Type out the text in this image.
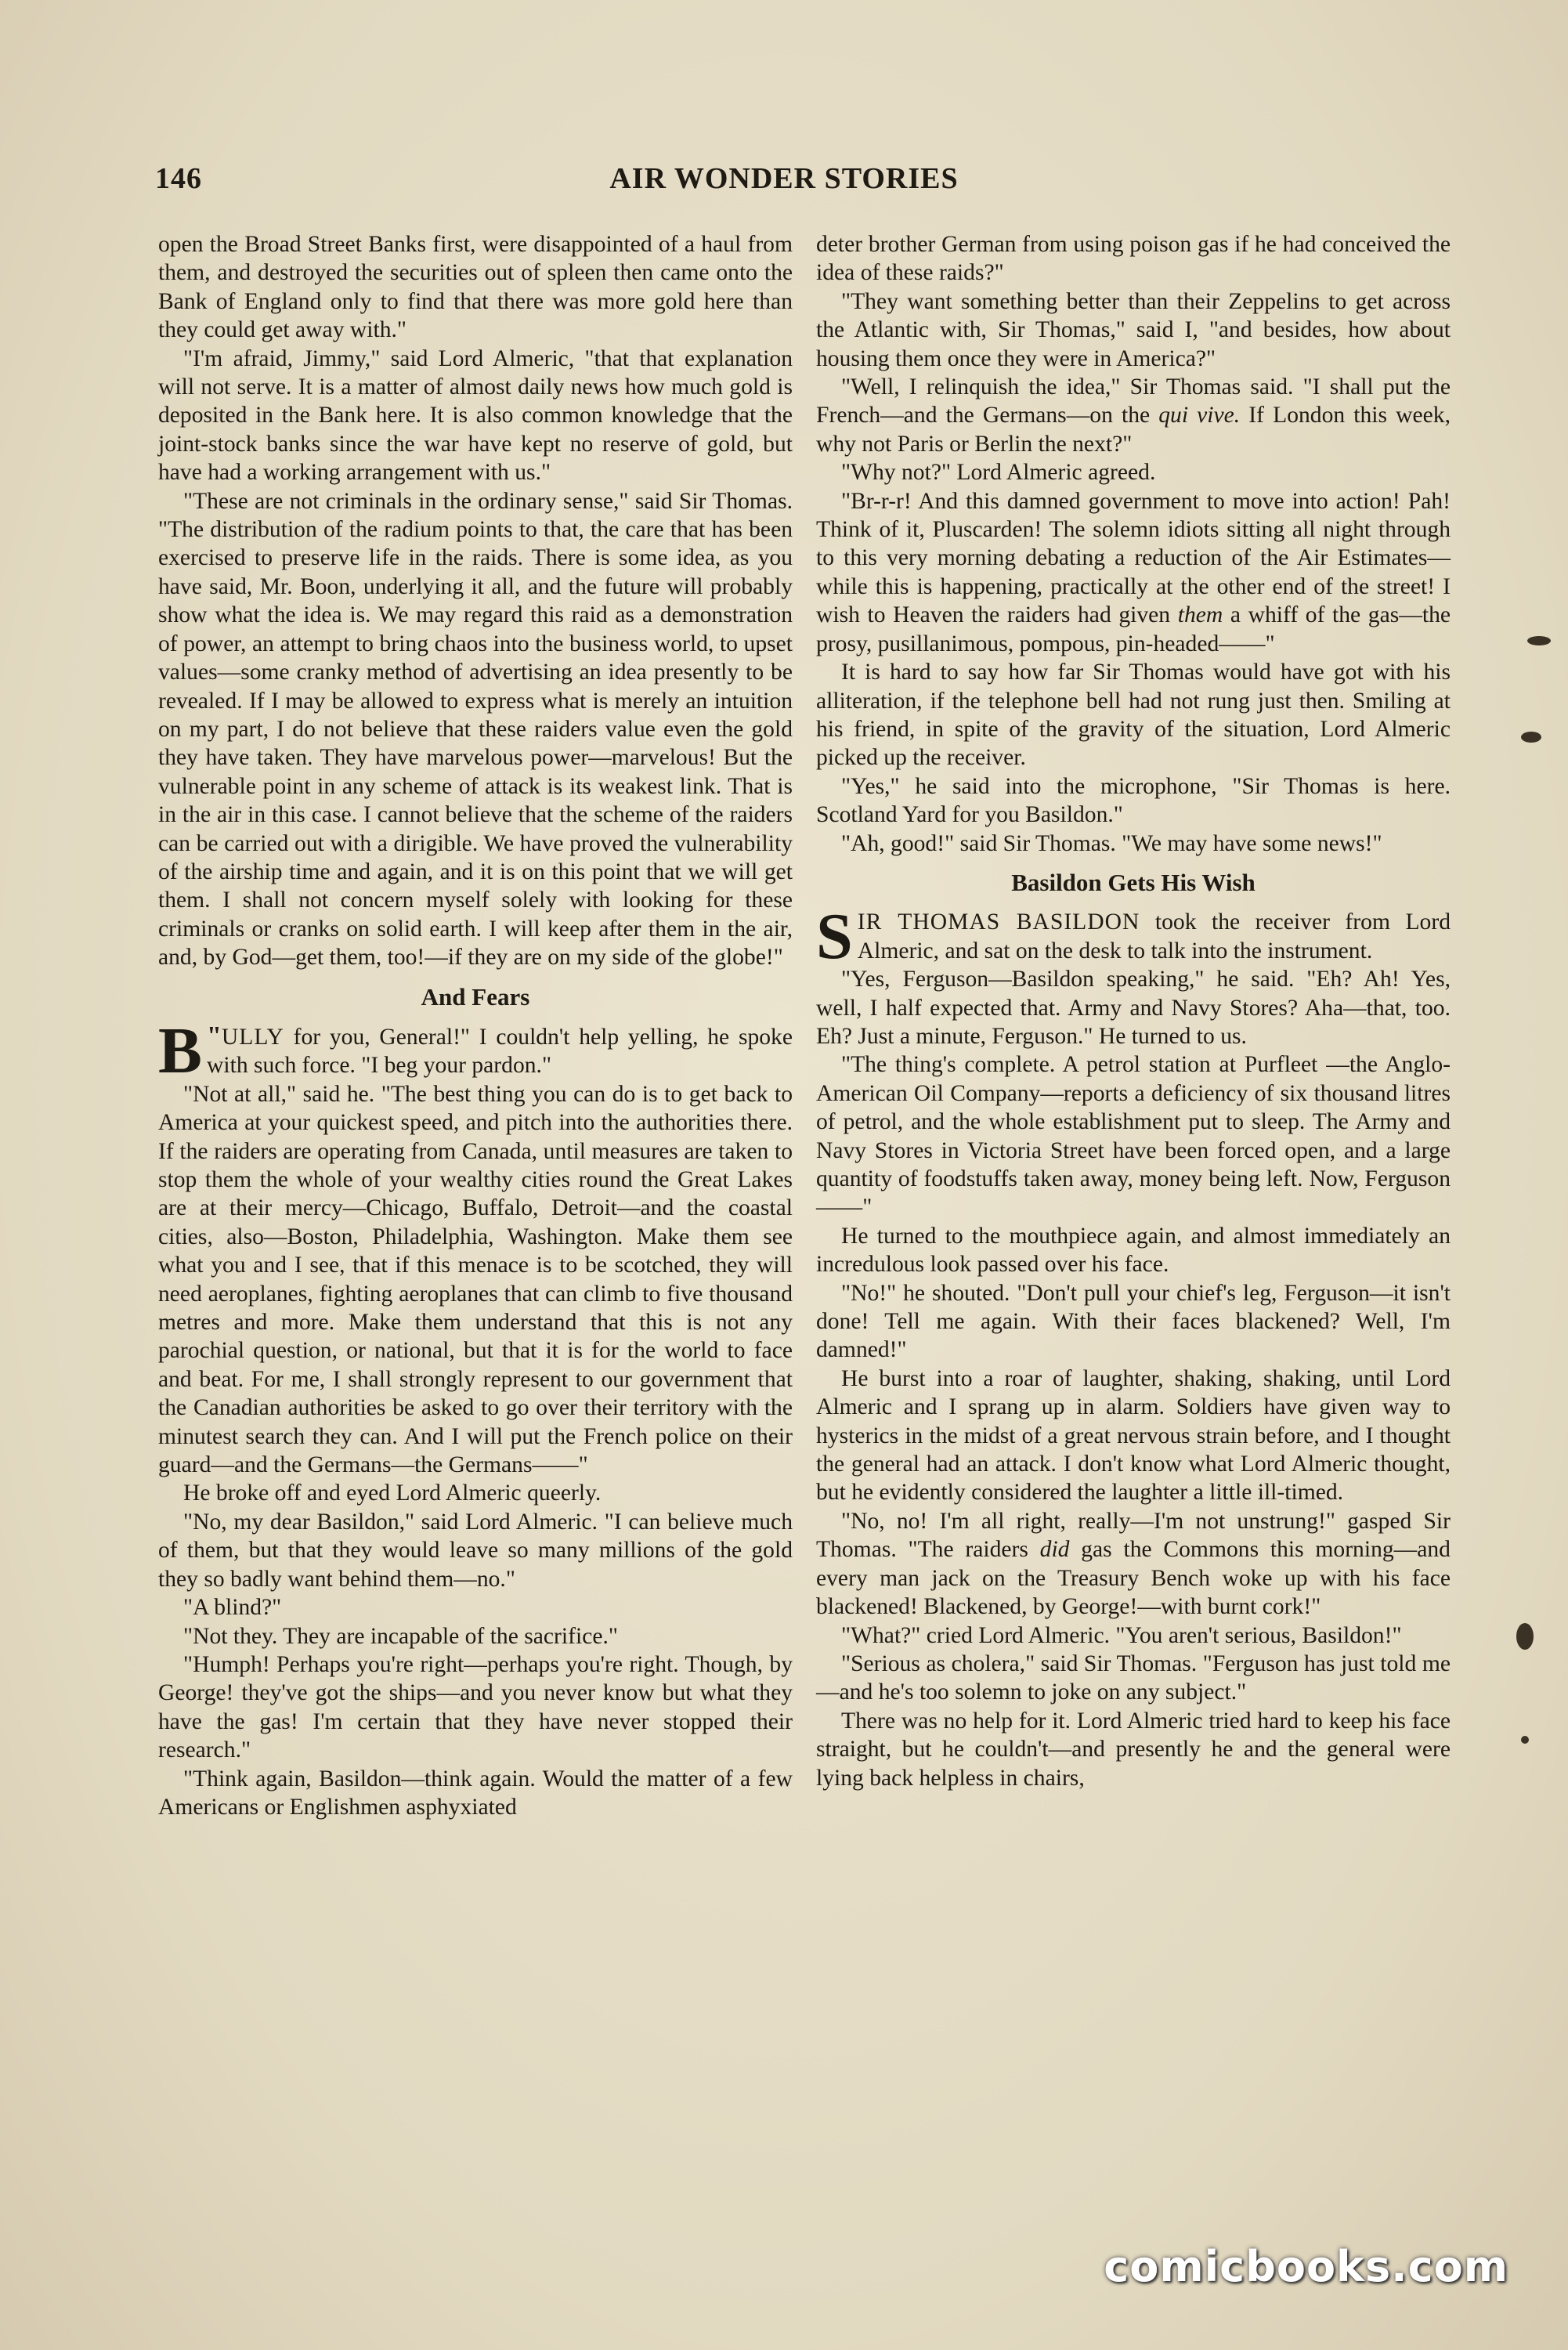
146	AIR WONDER STORIES

open the Broad Street Banks first, were disappointed of a haul from them, and destroyed the securities out of spleen then came onto the Bank of England only to find that there was more gold here than they could get away with."

"I'm afraid, Jimmy," said Lord Almeric, "that that explanation will not serve. It is a matter of almost daily news how much gold is deposited in the Bank here. It is also common knowledge that the joint-stock banks since the war have kept no reserve of gold, but have had a working arrangement with us."

"These are not criminals in the ordinary sense," said Sir Thomas. "The distribution of the radium points to that, the care that has been exercised to preserve life in the raids. There is some idea, as you have said, Mr. Boon, underlying it all, and the future will probably show what the idea is. We may regard this raid as a demonstration of power, an attempt to bring chaos into the business world, to upset values—some cranky method of advertising an idea presently to be revealed. If I may be allowed to express what is merely an intuition on my part, I do not believe that these raiders value even the gold they have taken. They have marvelous power—marvelous! But the vulnerable point in any scheme of attack is its weakest link. That is in the air in this case. I cannot believe that the scheme of the raiders can be carried out with a dirigible. We have proved the vulnerability of the airship time and again, and it is on this point that we will get them. I shall not concern myself solely with looking for these criminals or cranks on solid earth. I will keep after them in the air, and, by God—get them, too!—if they are on my side of the globe!"

And Fears

"
B ULLY for you, General!" I couldn't help yelling, he spoke with such force. "I beg your pardon."

"Not at all," said he. "The best thing you can do is to get back to America at your quickest speed, and pitch into the authorities there. If the raiders are operating from Canada, until measures are taken to stop them the whole of your wealthy cities round the Great Lakes are at their mercy—Chicago, Buffalo, Detroit—and the coastal cities, also—Boston, Philadelphia, Washington. Make them see what you and I see, that if this menace is to be scotched, they will need aeroplanes, fighting aeroplanes that can climb to five thousand metres and more. Make them understand that this is not any parochial question, or national, but that it is for the world to face and beat. For me, I shall strongly represent to our government that the Canadian authorities be asked to go over their territory with the minutest search they can. And I will put the French police on their guard—and the Germans—the Germans——"

He broke off and eyed Lord Almeric queerly.

"No, my dear Basildon," said Lord Almeric. "I can believe much of them, but that they would leave so many millions of the gold they so badly want behind them—no."

"A blind?"

"Not they. They are incapable of the sacrifice."

"Humph! Perhaps you're right—perhaps you're right. Though, by George! they've got the ships—and you never know but what they have the gas! I'm certain that they have never stopped their research."

"Think again, Basildon—think again. Would the matter of a few Americans or Englishmen asphyxiated

deter brother German from using poison gas if he had conceived the idea of these raids?"

"They want something better than their Zeppelins to get across the Atlantic with, Sir Thomas," said I, "and besides, how about housing them once they were in America?"

"Well, I relinquish the idea," Sir Thomas said. "I shall put the French—and the Germans—on the qui vive. If London this week, why not Paris or Berlin the next?"

"Why not?" Lord Almeric agreed.

"Br-r-r! And this damned government to move into action! Pah! Think of it, Pluscarden! The solemn idiots sitting all night through to this very morning debating a reduction of the Air Estimates—while this is happening, practically at the other end of the street! I wish to Heaven the raiders had given them a whiff of the gas—the prosy, pusillanimous, pompous, pin-headed——"

It is hard to say how far Sir Thomas would have got with his alliteration, if the telephone bell had not rung just then. Smiling at his friend, in spite of the gravity of the situation, Lord Almeric picked up the receiver.

"Yes," he said into the microphone, "Sir Thomas is here. Scotland Yard for you Basildon."

"Ah, good!" said Sir Thomas. "We may have some news!"

Basildon Gets His Wish

SIR THOMAS BASILDON took the receiver from Lord Almeric, and sat on the desk to talk into the instrument.

"Yes, Ferguson—Basildon speaking," he said. "Eh? Ah! Yes, well, I half expected that. Army and Navy Stores? Aha—that, too. Eh? Just a minute, Ferguson." He turned to us.

"The thing's complete. A petrol station at Purfleet —the Anglo-American Oil Company—reports a deficiency of six thousand litres of petrol, and the whole establishment put to sleep. The Army and Navy Stores in Victoria Street have been forced open, and a large quantity of foodstuffs taken away, money being left. Now, Ferguson——"

He turned to the mouthpiece again, and almost immediately an incredulous look passed over his face.

"No!" he shouted. "Don't pull your chief's leg, Ferguson—it isn't done! Tell me again. With their faces blackened? Well, I'm damned!"

He burst into a roar of laughter, shaking, shaking, until Lord Almeric and I sprang up in alarm. Soldiers have given way to hysterics in the midst of a great nervous strain before, and I thought the general had an attack. I don't know what Lord Almeric thought, but he evidently considered the laughter a little ill-timed.

"No, no! I'm all right, really—I'm not unstrung!" gasped Sir Thomas. "The raiders did gas the Commons this morning—and every man jack on the Treasury Bench woke up with his face blackened! Blackened, by George!—with burnt cork!"

"What?" cried Lord Almeric. "You aren't serious, Basildon!"

"Serious as cholera," said Sir Thomas. "Ferguson has just told me—and he's too solemn to joke on any subject."

There was no help for it. Lord Almeric tried hard to keep his face straight, but he couldn't—and presently he and the general were lying back helpless in chairs,

comicbooks.com
